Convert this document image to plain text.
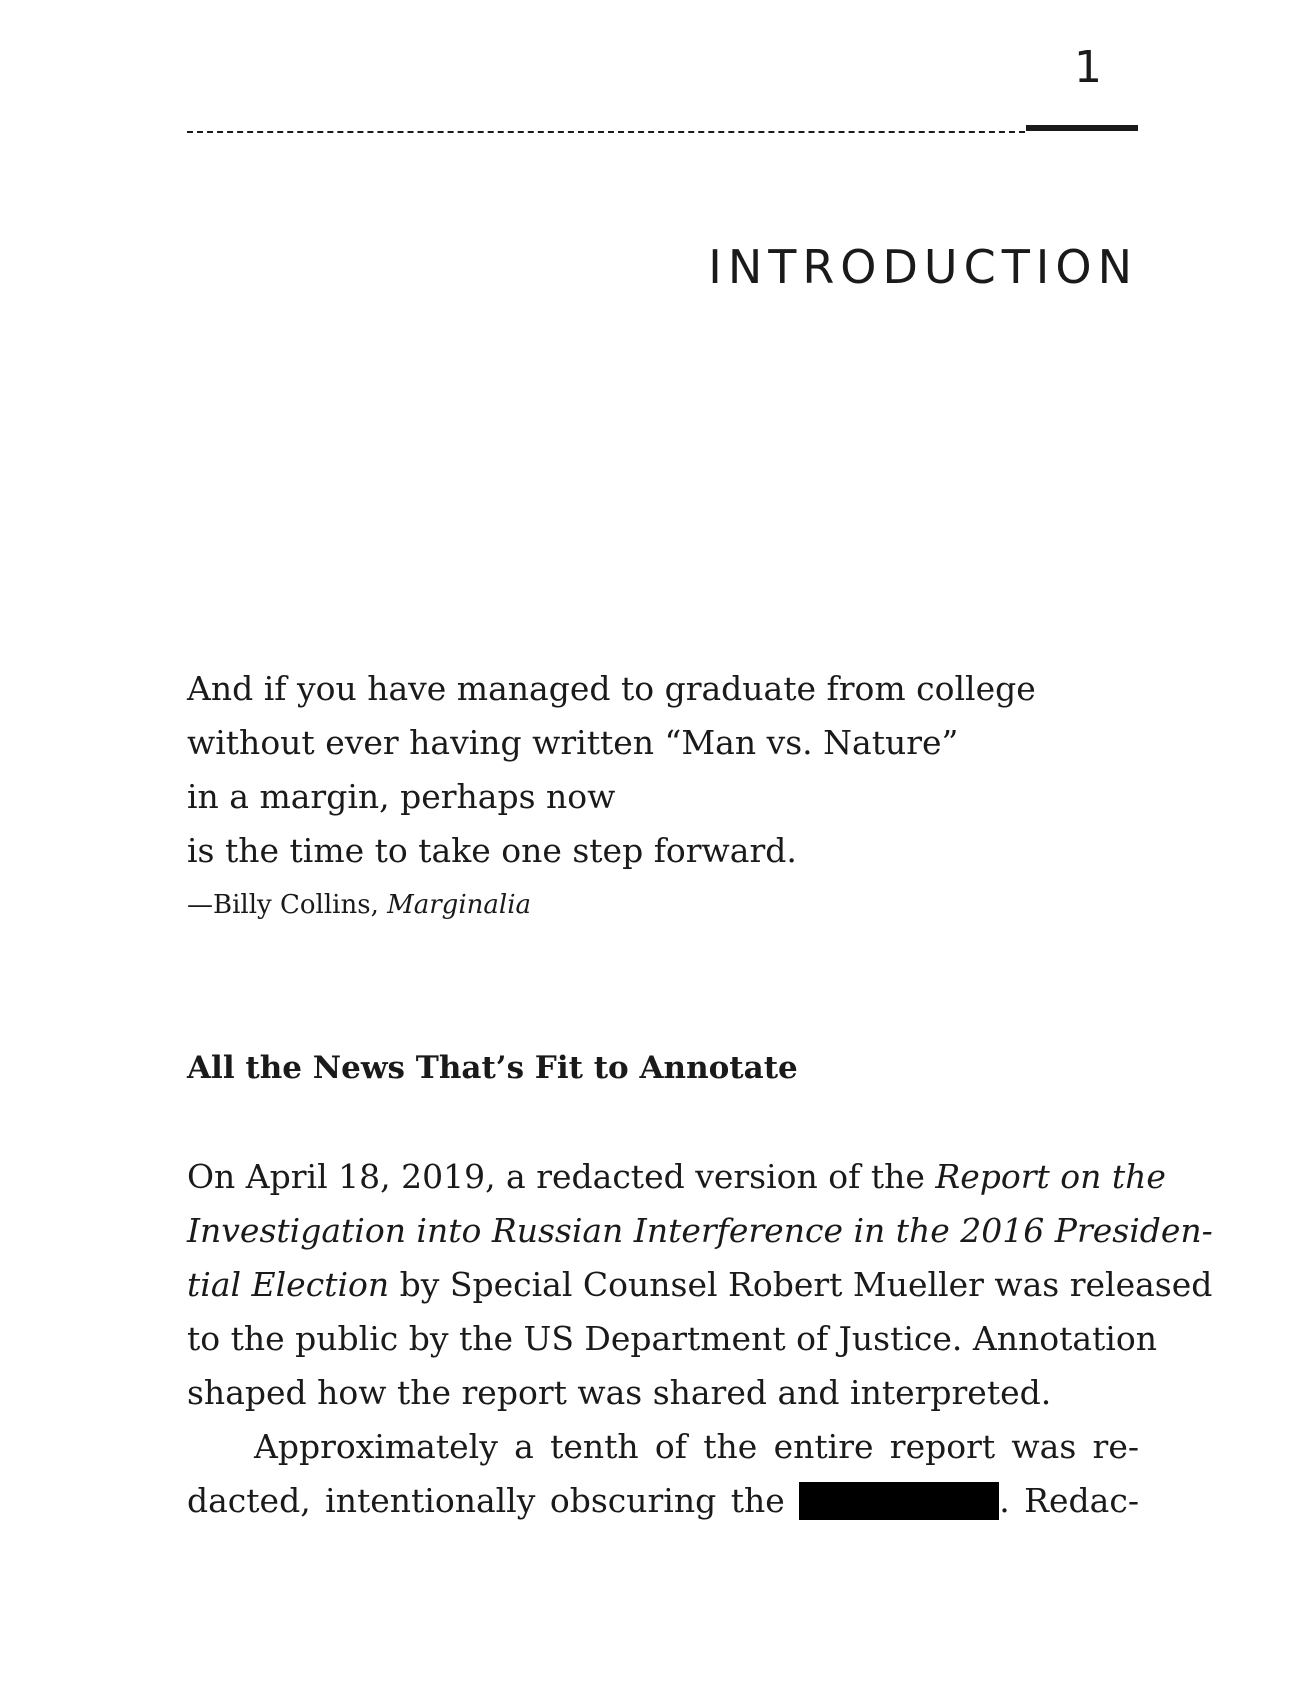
1
INTRODUCTION
And if you have managed to graduate from college
without ever having written “Man vs. Nature”
in a margin, perhaps now
is the time to take one step forward.
—Billy Collins, Marginalia
All the News That’s Fit to Annotate
On April 18, 2019, a redacted version of the Report on the
Investigation into Russian Interference in the 2016 Presiden-
tial Election by Special Counsel Robert Mueller was released
to the public by the US Department of Justice. Annotation
shaped how the report was shared and interpreted.
Approximately a tenth of the entire report was re-
dacted, intentionally obscuring the	. Redac-
